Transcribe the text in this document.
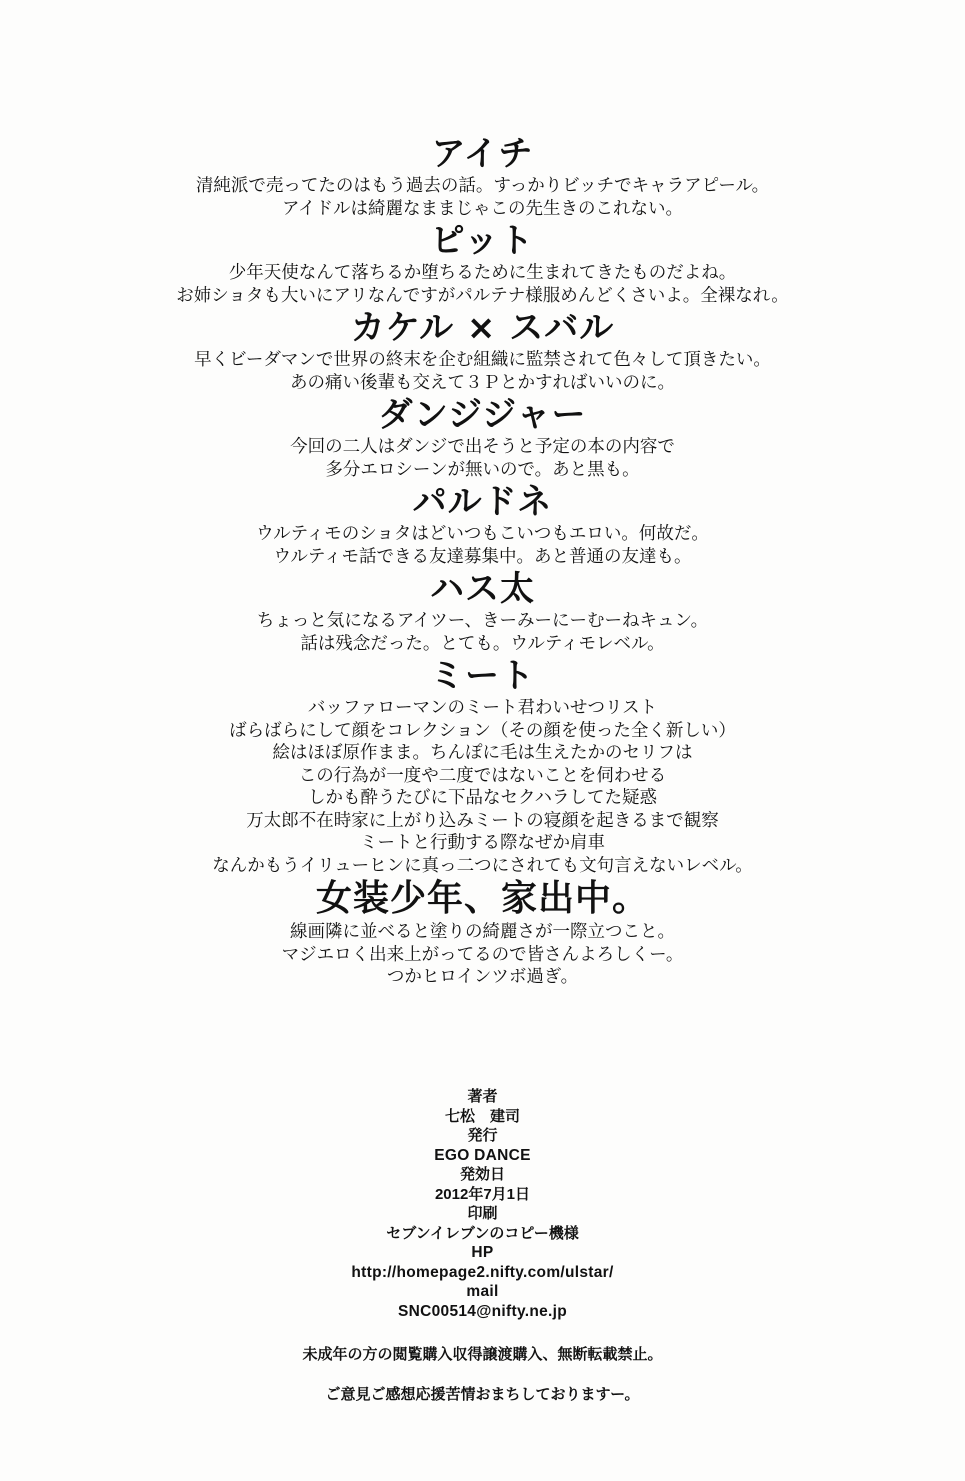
アイチ

清純派で売ってたのはもう過去の話。すっかりビッチでキャラアピール。

アイドルは綺麗なままじゃこの先生きのこれない。

ピット

少年天使なんて落ちるか堕ちるために生まれてきたものだよね。

お姉ショタも大いにアリなんですがパルテナ様服めんどくさいよ。全裸なれ。

カケル × スバル

早くビーダマンで世界の終末を企む組織に監禁されて色々して頂きたい。

あの痛い後輩も交えて３Ｐとかすればいいのに。

ダンジジャー

今回の二人はダンジで出そうと予定の本の内容で

多分エロシーンが無いので。あと黒も。

パルドネ

ウルティモのショタはどいつもこいつもエロい。何故だ。

ウルティモ話できる友達募集中。あと普通の友達も。

ハス太

ちょっと気になるアイツー、きーみーにーむーねキュン。

話は残念だった。とても。ウルティモレベル。

ミート

バッファローマンのミート君わいせつリスト

ばらばらにして顔をコレクション（その顔を使った全く新しい）

絵はほぼ原作まま。ちんぽに毛は生えたかのセリフは

この行為が一度や二度ではないことを伺わせる

しかも酔うたびに下品なセクハラしてた疑惑

万太郎不在時家に上がり込みミートの寝顔を起きるまで観察

ミートと行動する際なぜか肩車

なんかもうイリューヒンに真っ二つにされても文句言えないレベル。

女装少年、家出中。

線画隣に並べると塗りの綺麗さが一際立つこと。

マジエロく出来上がってるので皆さんよろしくー。

つかヒロインツボ過ぎ。

著者

七松　建司

発行

EGO DANCE

発効日

2012年7月1日

印刷

セブンイレブンのコピー機様

HP

http://homepage2.nifty.com/ulstar/

mail

SNC00514@nifty.ne.jp

未成年の方の閲覧購入収得譲渡購入、無断転載禁止。

ご意見ご感想応援苦情おまちしておりますー。
